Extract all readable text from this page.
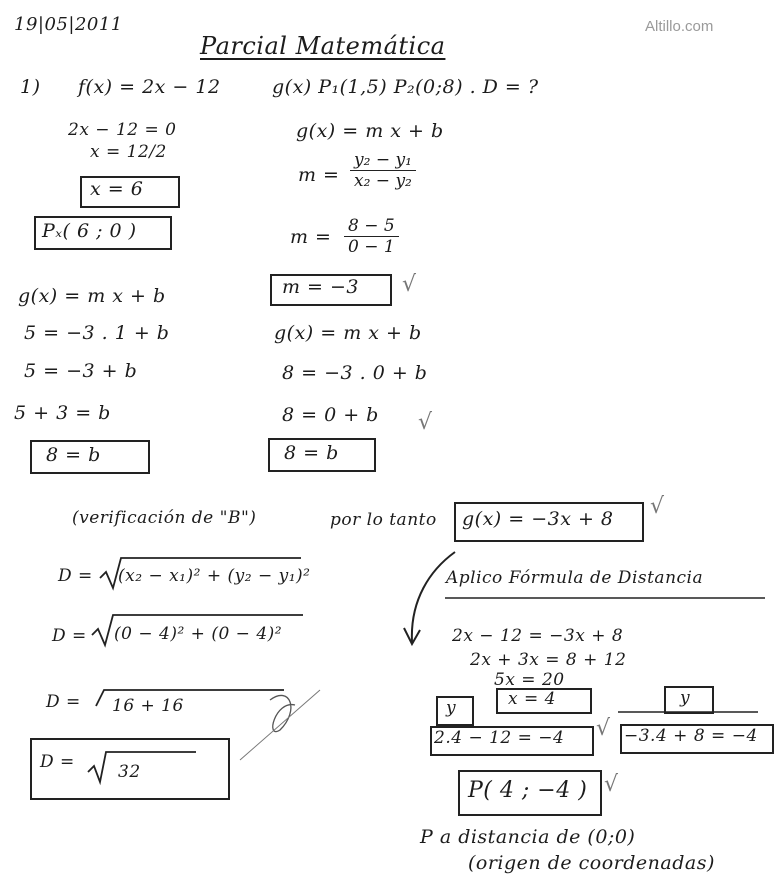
19|05|2011
Parcial Matemática
Altillo.com
1) f(x) = 2x − 12
2x − 12 = 0
x = 12/2
x = 6
Pₓ( 6 ; 0 )
g(x) = m x + b
5 = −3 . 1 + b
5 = −3 + b
5 + 3 = b
8 = b
g(x) P₁(1,5) P₂(0;8) . D = ?
g(x) = m x + b
$m = \frac{\text{y₂ − y₁}}{\text{x₂ − y₂}}$
$m = \frac{8 - 5}{0 - 1}$
m = −3 √
g(x) = m x + b
8 = −3 . 0 + b
8 = 0 + b √
8 = b
(verificación de "B")	por lo tanto g(x) = −3x + 8 √
D = (x₂ − x₁)² + (y₂ − y₁)²
D = (0 − 4)² + (0 − 4)²
D = 16 + 16
D =	32
Aplico Fórmula de Distancia
2x − 12 = −3x + 8
2x + 3x = 8 + 12
5x = 20
x = 4
y
2.4 − 12 = −4 √
y
−3.4 + 8 = −4
P( 4 ; −4 ) √
P a distancia de (0;0)
(origen de coordenadas)
